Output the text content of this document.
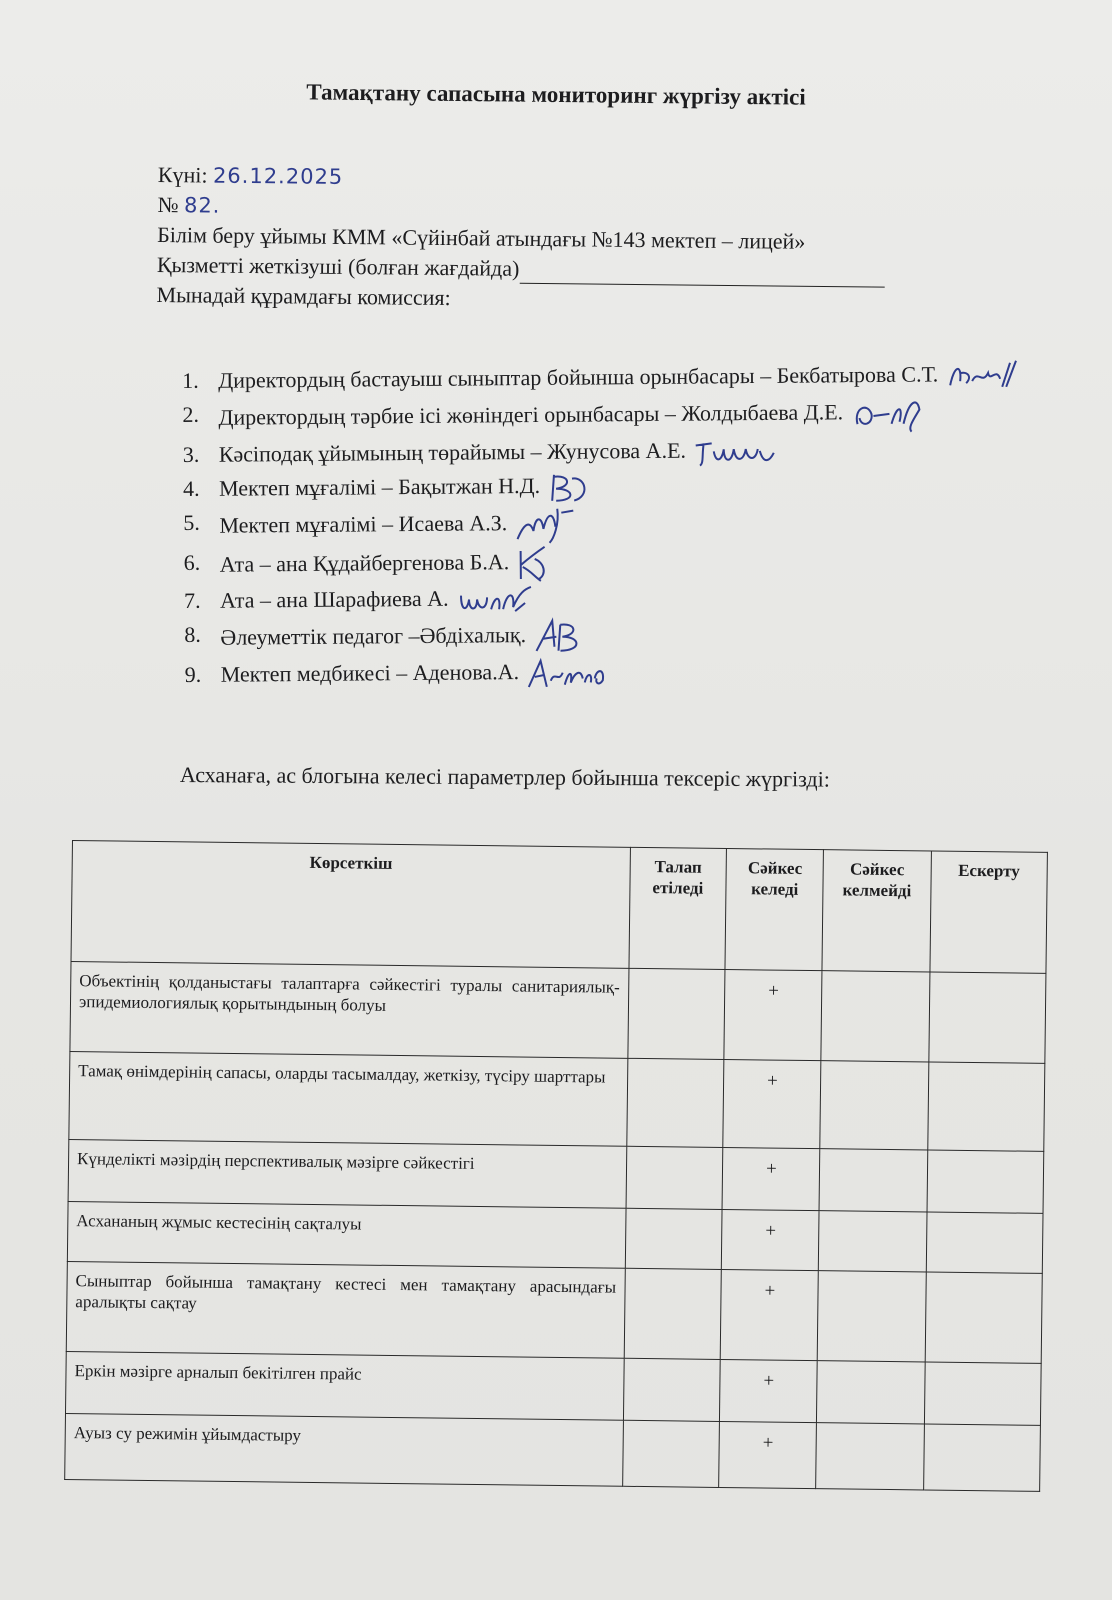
Тамақтану сапасына мониторинг жүргізу актісі
Күні: 26.12.2025
№ 82.
Білім беру ұйымы КММ «Сүйінбай атындағы №143 мектеп – лицей»
Қызметті жеткізуші (болған жағдайда)
Мынадай құрамдағы комиссия:
1. Директордың бастауыш сыныптар бойынша орынбасары – Бекбатырова С.Т.
2. Директордың тәрбие ісі жөніндегі орынбасары – Жолдыбаева Д.Е.
3. Кәсіподақ ұйымының төрайымы – Жунусова А.Е.
4. Мектеп мұғалімі – Бақытжан Н.Д.
5. Мектеп мұғалімі – Исаева А.З.
6. Ата – ана Құдайбергенова Б.А.
7. Ата – ана Шарафиева А.
8. Әлеуметтік педагог –Әбдіхалық.
9. Мектеп медбикесі – Аденова.А.
Асханаға, ас блогына келесі параметрлер бойынша тексеріс жүргізді:
Көрсеткіш	Талап етіледі	Сәйкес келеді	Сәйкес келмейді	Ескерту
Объектінің қолданыстағы талаптарға сәйкестігі туралы санитариялық-эпидемиологиялық қорытындының болуы		+		
Тамақ өнімдерінің сапасы, оларды тасымалдау, жеткізу, түсіру шарттары		+		
Күнделікті мәзірдің перспективалық мәзірге сәйкестігі		+		
Асхананың жұмыс кестесінің сақталуы		+		
Сыныптар бойынша тамақтану кестесі мен тамақтану арасындағы аралықты сақтау		+		
Еркін мәзірге арналып бекітілген прайс		+		
Ауыз су режимін ұйымдастыру		+		
